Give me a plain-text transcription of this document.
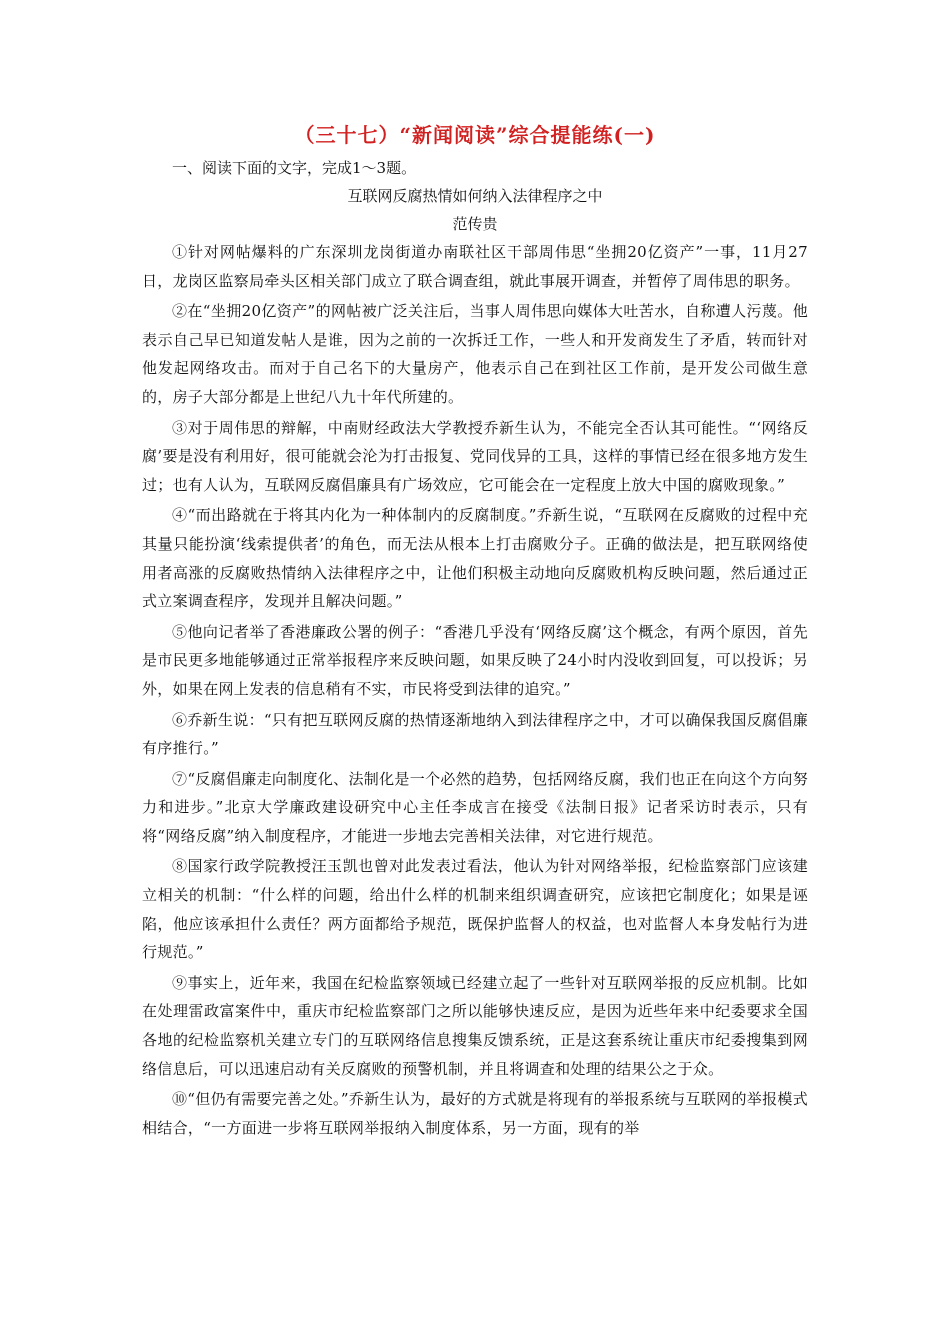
（三十七）“新闻阅读”综合提能练(一)

一、阅读下面的文字，完成1～3题。

互联网反腐热情如何纳入法律程序之中

范传贵

①针对网帖爆料的广东深圳龙岗街道办南联社区干部周伟思“坐拥20亿资产”一事，11月27日，龙岗区监察局牵头区相关部门成立了联合调查组，就此事展开调查，并暂停了周伟思的职务。

②在“坐拥20亿资产”的网帖被广泛关注后，当事人周伟思向媒体大吐苦水，自称遭人污蔑。他表示自己早已知道发帖人是谁，因为之前的一次拆迁工作，一些人和开发商发生了矛盾，转而针对他发起网络攻击。而对于自己名下的大量房产，他表示自己在到社区工作前，是开发公司做生意的，房子大部分都是上世纪八九十年代所建的。

③对于周伟思的辩解，中南财经政法大学教授乔新生认为，不能完全否认其可能性。“‘网络反腐’要是没有利用好，很可能就会沦为打击报复、党同伐异的工具，这样的事情已经在很多地方发生过；也有人认为，互联网反腐倡廉具有广场效应，它可能会在一定程度上放大中国的腐败现象。”

④“而出路就在于将其内化为一种体制内的反腐制度。”乔新生说，“互联网在反腐败的过程中充其量只能扮演‘线索提供者’的角色，而无法从根本上打击腐败分子。正确的做法是，把互联网络使用者高涨的反腐败热情纳入法律程序之中，让他们积极主动地向反腐败机构反映问题，然后通过正式立案调查程序，发现并且解决问题。”

⑤他向记者举了香港廉政公署的例子：“香港几乎没有‘网络反腐’这个概念，有两个原因，首先是市民更多地能够通过正常举报程序来反映问题，如果反映了24小时内没收到回复，可以投诉；另外，如果在网上发表的信息稍有不实，市民将受到法律的追究。”

⑥乔新生说：“只有把互联网反腐的热情逐渐地纳入到法律程序之中，才可以确保我国反腐倡廉有序推行。”

⑦“反腐倡廉走向制度化、法制化是一个必然的趋势，包括网络反腐，我们也正在向这个方向努力和进步。”北京大学廉政建设研究中心主任李成言在接受《法制日报》记者采访时表示，只有将“网络反腐”纳入制度程序，才能进一步地去完善相关法律，对它进行规范。

⑧国家行政学院教授汪玉凯也曾对此发表过看法，他认为针对网络举报，纪检监察部门应该建立相关的机制：“什么样的问题，给出什么样的机制来组织调查研究，应该把它制度化；如果是诬陷，他应该承担什么责任？两方面都给予规范，既保护监督人的权益，也对监督人本身发帖行为进行规范。”

⑨事实上，近年来，我国在纪检监察领域已经建立起了一些针对互联网举报的反应机制。比如在处理雷政富案件中，重庆市纪检监察部门之所以能够快速反应，是因为近些年来中纪委要求全国各地的纪检监察机关建立专门的互联网络信息搜集反馈系统，正是这套系统让重庆市纪委搜集到网络信息后，可以迅速启动有关反腐败的预警机制，并且将调查和处理的结果公之于众。

⑩“但仍有需要完善之处。”乔新生认为，最好的方式就是将现有的举报系统与互联网的举报模式相结合，“一方面进一步将互联网举报纳入制度体系，另一方面，现有的举
